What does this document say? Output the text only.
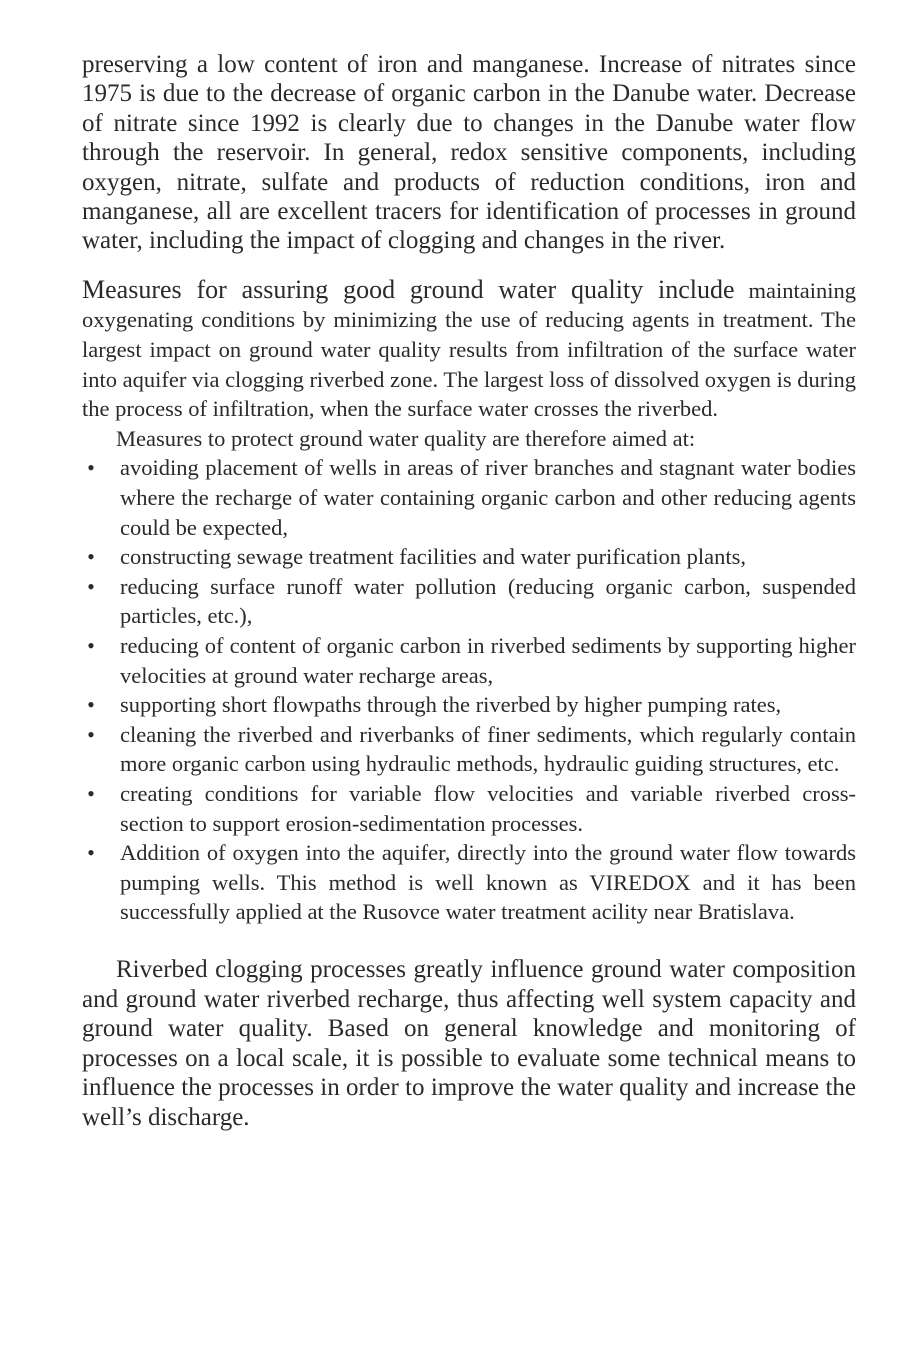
preserving a low content of iron and manganese. Increase of nitrates since 1975 is due to the decrease of organic carbon in the Danube water. Decrease of nitrate since 1992 is clearly due to changes in the Danube water flow through the reservoir. In general, redox sensitive components, including oxygen, nitrate, sulfate and products of reduction conditions, iron and manganese, all are excellent tracers for identification of processes in ground water, including the impact of clogging and changes in the river.

Measures for assuring good ground water quality include maintaining oxygenating conditions by minimizing the use of reducing agents in treatment. The largest impact on ground water quality results from infiltration of the surface water into aquifer via clogging riverbed zone. The largest loss of dissolved oxygen is during the process of infiltration, when the surface water crosses the riverbed.

Measures to protect ground water quality are therefore aimed at:

• avoiding placement of wells in areas of river branches and stagnant water bodies where the recharge of water containing organic carbon and other reducing agents could be expected,
• constructing sewage treatment facilities and water purification plants,
• reducing surface runoff water pollution (reducing organic carbon, suspended particles, etc.),
• reducing of content of organic carbon in riverbed sediments by supporting higher velocities at ground water recharge areas,
• supporting short flowpaths through the riverbed by higher pumping rates,
• cleaning the riverbed and riverbanks of finer sediments, which regularly contain more organic carbon using hydraulic methods, hydraulic guiding structures, etc.
• creating conditions for variable flow velocities and variable riverbed cross-section to support erosion-sedimentation processes.
• Addition of oxygen into the aquifer, directly into the ground water flow towards pumping wells. This method is well known as VIREDOX and it has been successfully applied at the Rusovce water treatment acility near Bratislava.

Riverbed clogging processes greatly influence ground water composition and ground water riverbed recharge, thus affecting well system capacity and ground water quality. Based on general knowledge and monitoring of processes on a local scale, it is possible to evaluate some technical means to influence the processes in order to improve the water quality and increase the well’s discharge.
